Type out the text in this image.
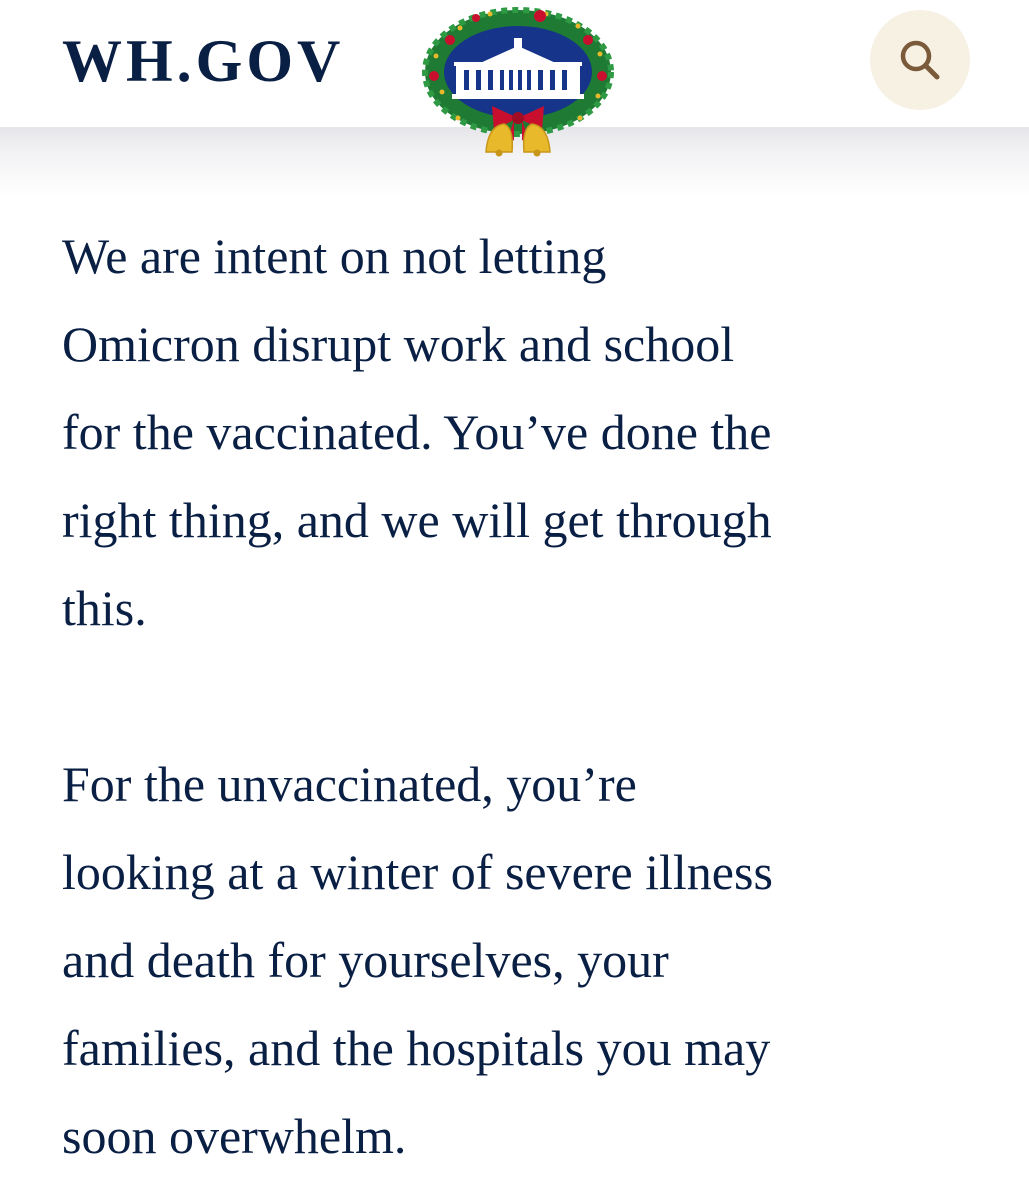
WH.GOV

We are intent on not letting
Omicron disrupt work and school
for the vaccinated. You’ve done the
right thing, and we will get through
this.

For the unvaccinated, you’re
looking at a winter of severe illness
and death for yourselves, your
families, and the hospitals you may
soon overwhelm.
